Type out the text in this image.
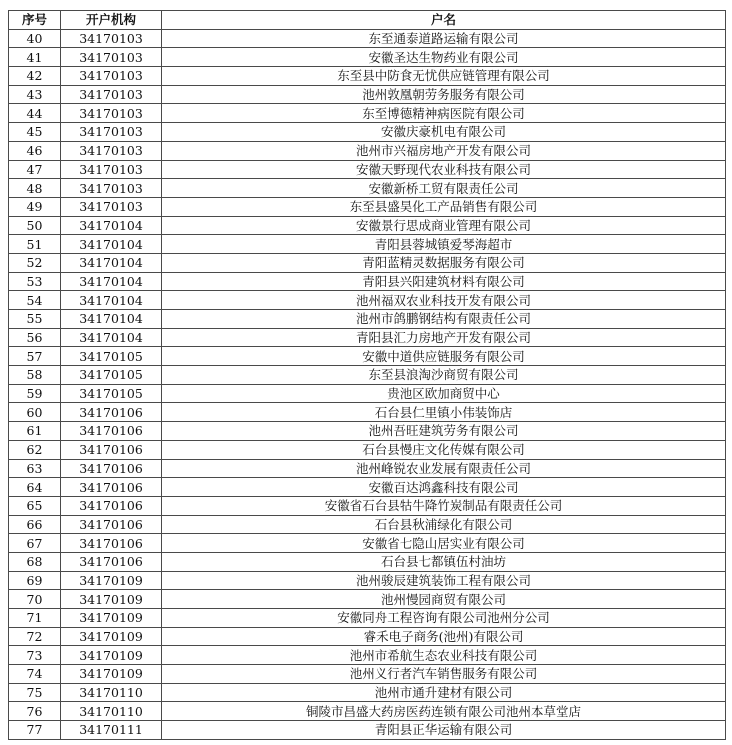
序号	开户机构	户名
40	34170103	东至通泰道路运输有限公司
41	34170103	安徽圣达生物药业有限公司
42	34170103	东至县中防食无忧供应链管理有限公司
43	34170103	池州敦凰朝劳务服务有限公司
44	34170103	东至博德精神病医院有限公司
45	34170103	安徽庆豪机电有限公司
46	34170103	池州市兴福房地产开发有限公司
47	34170103	安徽天野现代农业科技有限公司
48	34170103	安徽新桥工贸有限责任公司
49	34170103	东至县盛昊化工产品销售有限公司
50	34170104	安徽景行思成商业管理有限公司
51	34170104	青阳县蓉城镇爱琴海超市
52	34170104	青阳蓝精灵数据服务有限公司
53	34170104	青阳县兴阳建筑材料有限公司
54	34170104	池州福双农业科技开发有限公司
55	34170104	池州市鸽鹏钢结构有限责任公司
56	34170104	青阳县汇力房地产开发有限公司
57	34170105	安徽中道供应链服务有限公司
58	34170105	东至县浪淘沙商贸有限公司
59	34170105	贵池区欧加商贸中心
60	34170106	石台县仁里镇小伟装饰店
61	34170106	池州吾旺建筑劳务有限公司
62	34170106	石台县慢庄文化传媒有限公司
63	34170106	池州峰锐农业发展有限责任公司
64	34170106	安徽百达鸿鑫科技有限公司
65	34170106	安徽省石台县牯牛降竹炭制品有限责任公司
66	34170106	石台县秋浦绿化有限公司
67	34170106	安徽省七隐山居实业有限公司
68	34170106	石台县七都镇伍村油坊
69	34170109	池州骏辰建筑装饰工程有限公司
70	34170109	池州慢园商贸有限公司
71	34170109	安徽同舟工程咨询有限公司池州分公司
72	34170109	睿禾电子商务(池州)有限公司
73	34170109	池州市希航生态农业科技有限公司
74	34170109	池州义行者汽车销售服务有限公司
75	34170110	池州市通升建材有限公司
76	34170110	铜陵市昌盛大药房医药连锁有限公司池州本草堂店
77	34170111	青阳县正华运输有限公司
